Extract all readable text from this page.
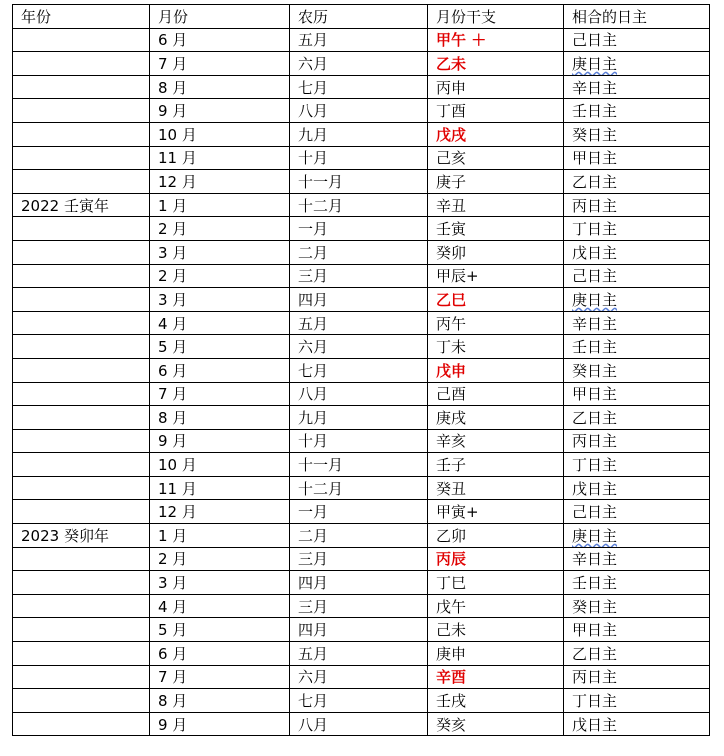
年份	月份	农历	月份干支	相合的日主
	6 月	五月	甲午 ＋	己日主
	7 月	六月	乙未	庚日主
	8 月	七月	丙申	辛日主
	9 月	八月	丁酉	壬日主
	10 月	九月	戊戌	癸日主
	11 月	十月	己亥	甲日主
	12 月	十一月	庚子	乙日主
2022 壬寅年	1 月	十二月	辛丑	丙日主
	2 月	一月	壬寅	丁日主
	3 月	二月	癸卯	戊日主
	2 月	三月	甲辰+	己日主
	3 月	四月	乙巳	庚日主
	4 月	五月	丙午	辛日主
	5 月	六月	丁未	壬日主
	6 月	七月	戊申	癸日主
	7 月	八月	己酉	甲日主
	8 月	九月	庚戌	乙日主
	9 月	十月	辛亥	丙日主
	10 月	十一月	壬子	丁日主
	11 月	十二月	癸丑	戊日主
	12 月	一月	甲寅+	己日主
2023 癸卯年	1 月	二月	乙卯	庚日主
	2 月	三月	丙辰	辛日主
	3 月	四月	丁巳	壬日主
	4 月	三月	戊午	癸日主
	5 月	四月	己未	甲日主
	6 月	五月	庚申	乙日主
	7 月	六月	辛酉	丙日主
	8 月	七月	壬戌	丁日主
	9 月	八月	癸亥	戊日主
